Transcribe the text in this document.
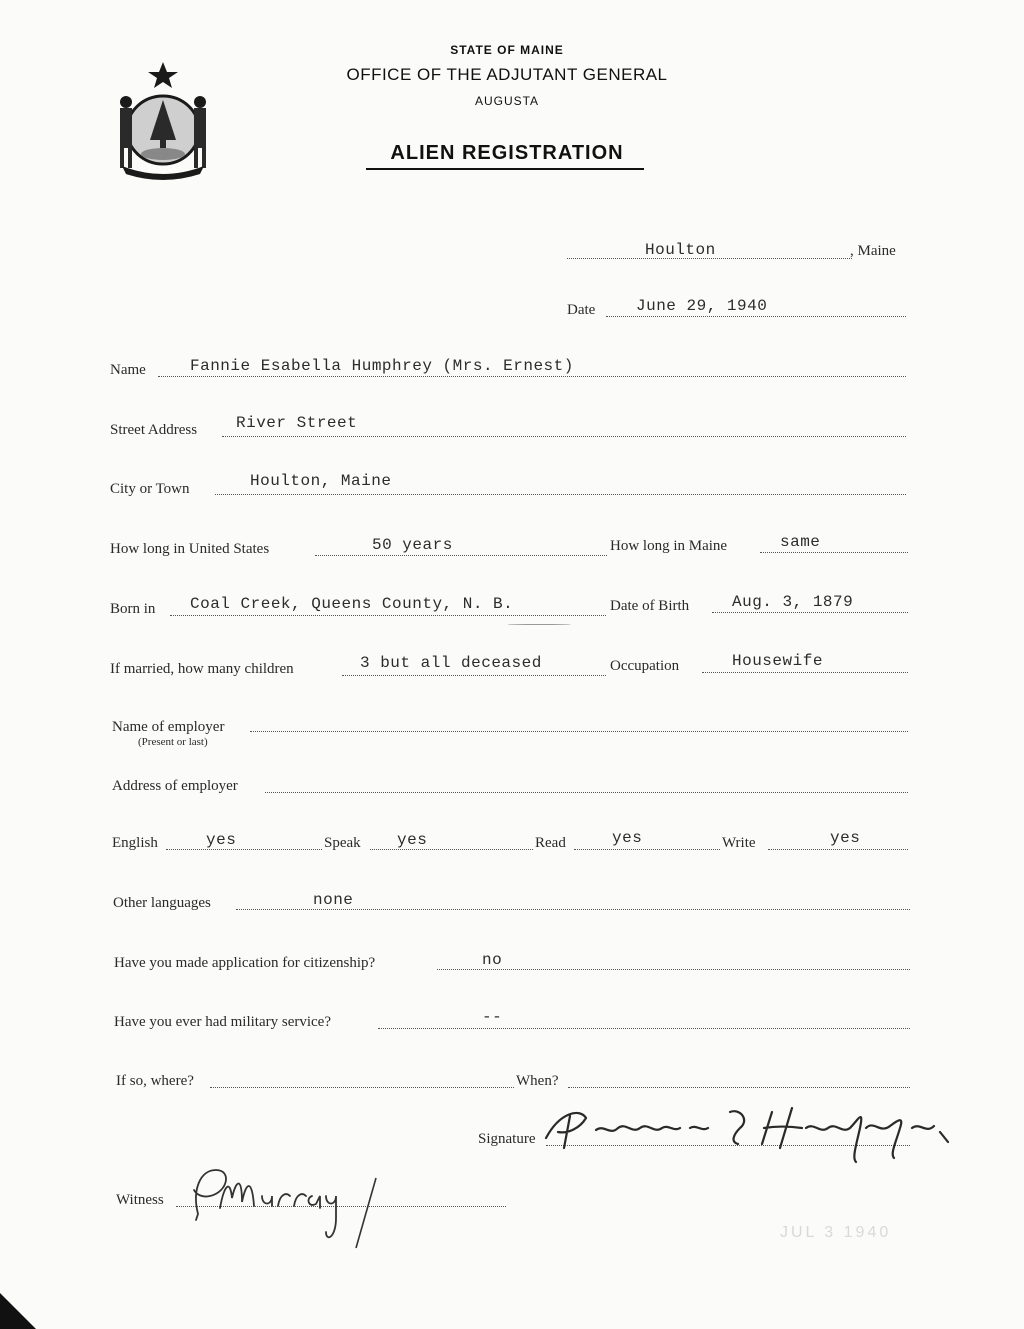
MAINE
STATE OF MAINE
OFFICE OF THE ADJUTANT GENERAL
AUGUSTA
ALIEN REGISTRATION
Houlton	, Maine
Date	June 29, 1940
Name	Fannie Esabella Humphrey (Mrs. Ernest)
Street Address River Street
City or Town	Houlton, Maine
How long in United States	50 years	How long in Maine	same
Born in Coal Creek, Queens County, N. B.	Date of Birth	Aug. 3, 1879
If married, how many children	3 but all deceased	Occupation	Housewife
Name of employer
(Present or last)
Address of employer
English	yes	Speak yes	Read	yes	Write	yes
Other languages	none
Have you made application for citizenship?	no
Have you ever had military service?	--
If so, where?	When?
Signature
Witness
JUL 3 1940
